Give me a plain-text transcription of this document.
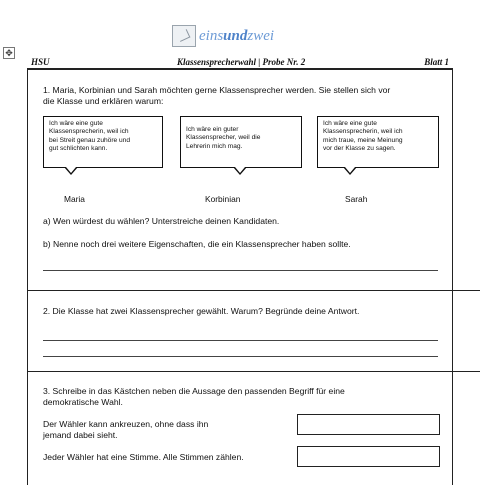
einsundzwei
✥
HSU	Klassensprecherwahl | Probe Nr. 2	Blatt 1
1. Maria, Korbinian und Sarah möchten gerne Klassensprecher werden. Sie stellen sich vor
die Klasse und erklären warum:
Ich wäre eine gute
Klassensprecherin, weil ich
bei Streit genau zuhöre und
gut schlichten kann.
Ich wäre ein guter
Klassensprecher, weil die
Lehrerin mich mag.
Ich wäre eine gute
Klassensprecherin, weil ich
mich traue, meine Meinung
vor der Klasse zu sagen.
Maria	Korbinian	Sarah
a) Wen würdest du wählen? Unterstreiche deinen Kandidaten.
b) Nenne noch drei weitere Eigenschaften, die ein Klassensprecher haben sollte.
2. Die Klasse hat zwei Klassensprecher gewählt. Warum? Begründe deine Antwort.
3. Schreibe in das Kästchen neben die Aussage den passenden Begriff für eine
demokratische Wahl.
Der Wähler kann ankreuzen, ohne dass ihn
jemand dabei sieht.
Jeder Wähler hat eine Stimme. Alle Stimmen zählen.
